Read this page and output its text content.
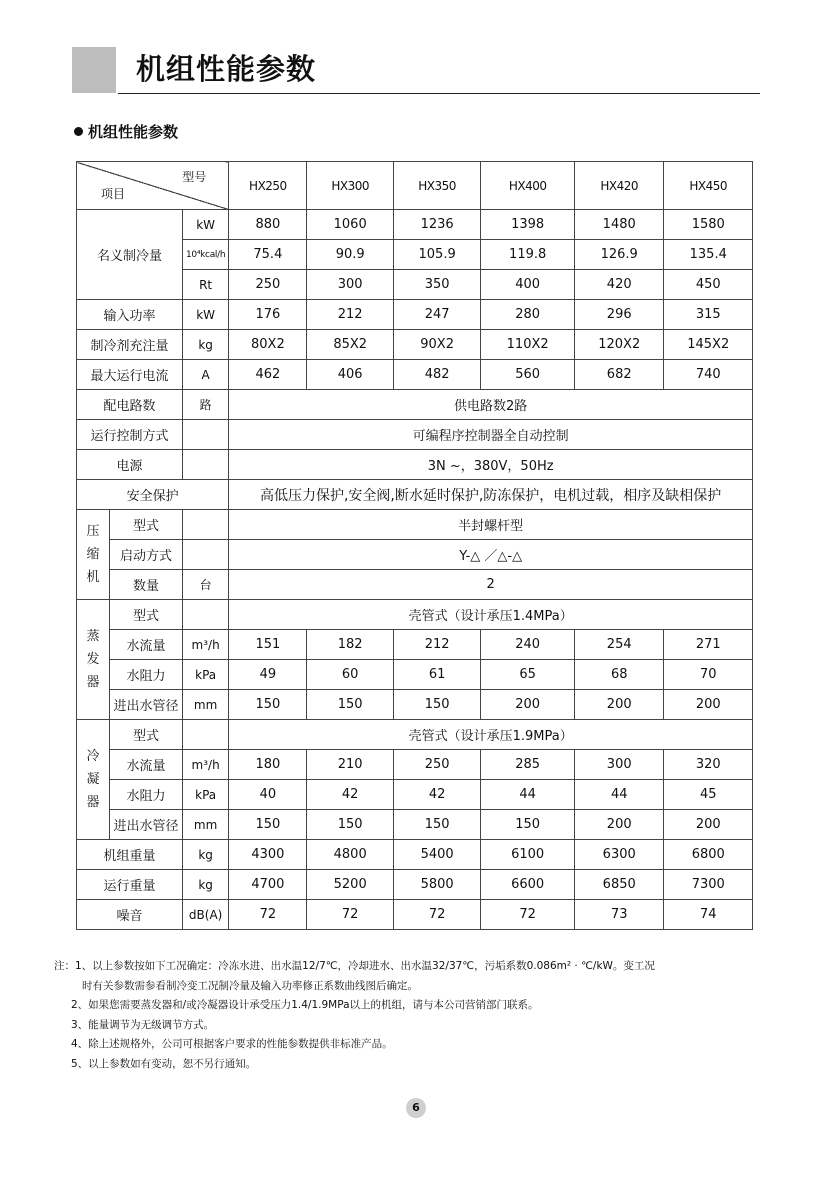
机组性能参数
机组性能参数
型号
项目			HX250	HX300	HX350	HX400	HX420	HX450
名义制冷量		kW	880	1060	1236	1398	1480	1580
		10⁴kcal/h	75.4	90.9	105.9	119.8	126.9	135.4
		Rt	250	300	350	400	420	450
输入功率		kW	176	212	247	280	296	315
制冷剂充注量		kg	80X2	85X2	90X2	110X2	120X2	145X2
最大运行电流		A	462	406	482	560	682	740
配电路数		路	供电路数2路					
运行控制方式			可编程序控制器全自动控制					
电源			3N ~，380V，50Hz					
安全保护			高低压力保护,安全阀,断水延时保护,防冻保护，电机过载，相序及缺相保护					
压缩机	型式		半封螺杆型					
	启动方式		Y-△ ／△-△					
	数量	台	2					
蒸发器	型式		壳管式（设计承压1.4MPa）					
	水流量	m³/h	151	182	212	240	254	271
	水阻力	kPa	49	60	61	65	68	70
	进出水管径	mm	150	150	150	200	200	200
冷凝器	型式		壳管式（设计承压1.9MPa）					
	水流量	m³/h	180	210	250	285	300	320
	水阻力	kPa	40	42	42	44	44	45
	进出水管径	mm	150	150	150	150	200	200
机组重量		kg	4300	4800	5400	6100	6300	6800
运行重量		kg	4700	5200	5800	6600	6850	7300
噪音		dB(A)	72	72	72	72	73	74
注：1、以上参数按如下工况确定：冷冻水进、出水温12/7℃，冷却进水、出水温32/37℃，污垢系数0.086m² · ℃/kW。变工况
时有关参数需参看制冷变工况制冷量及输入功率修正系数曲线图后确定。
2、如果您需要蒸发器和/或冷凝器设计承受压力1.4/1.9MPa以上的机组，请与本公司营销部门联系。
3、能量调节为无级调节方式。
4、除上述规格外，公司可根据客户要求的性能参数提供非标准产品。
5、以上参数如有变动，恕不另行通知。
6
